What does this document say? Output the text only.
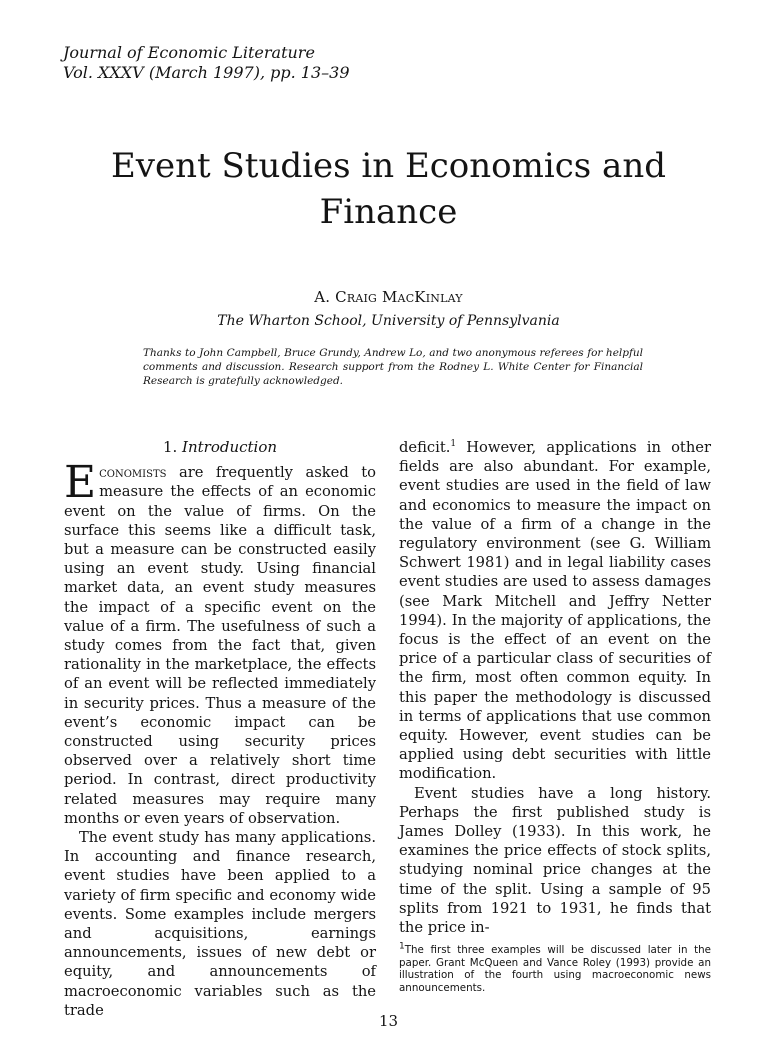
Journal of Economic Literature
Vol. XXXV (March 1997), pp. 13–39
Event Studies in Economics and
Finance
A. Craig MacKinlay
The Wharton School, University of Pennsylvania
Thanks to John Campbell, Bruce Grundy, Andrew Lo, and two anonymous referees for helpful comments and discussion. Research support from the Rodney L. White Center for Financial Research is gratefully acknowledged.
1. Introduction

Economists are frequently asked to measure the effects of an economic event on the value of firms. On the surface this seems like a difficult task, but a measure can be constructed easily using an event study. Using financial market data, an event study measures the impact of a specific event on the value of a firm. The usefulness of such a study comes from the fact that, given rationality in the marketplace, the effects of an event will be reflected immediately in security prices. Thus a measure of the event’s economic impact can be constructed using security prices observed over a relatively short time period. In contrast, direct productivity related measures may require many months or even years of observation.

The event study has many applications. In accounting and finance research, event studies have been applied to a variety of firm specific and economy wide events. Some examples include mergers and acquisitions, earnings announcements, issues of new debt or equity, and announcements of macroeconomic variables such as the trade

deficit.$^1$ However, applications in other fields are also abundant. For example, event studies are used in the field of law and economics to measure the impact on the value of a firm of a change in the regulatory environment (see G. William Schwert 1981) and in legal liability cases event studies are used to assess damages (see Mark Mitchell and Jeffry Netter 1994). In the majority of applications, the focus is the effect of an event on the price of a particular class of securities of the firm, most often common equity. In this paper the methodology is discussed in terms of applications that use common equity. However, event studies can be applied using debt securities with little modification.

Event studies have a long history. Perhaps the first published study is James Dolley (1933). In this work, he examines the price effects of stock splits, studying nominal price changes at the time of the split. Using a sample of 95 splits from 1921 to 1931, he finds that the price in-

$^1$The first three examples will be discussed later in the paper. Grant McQueen and Vance Roley (1993) provide an illustration of the fourth using macroeconomic news announcements.
13
